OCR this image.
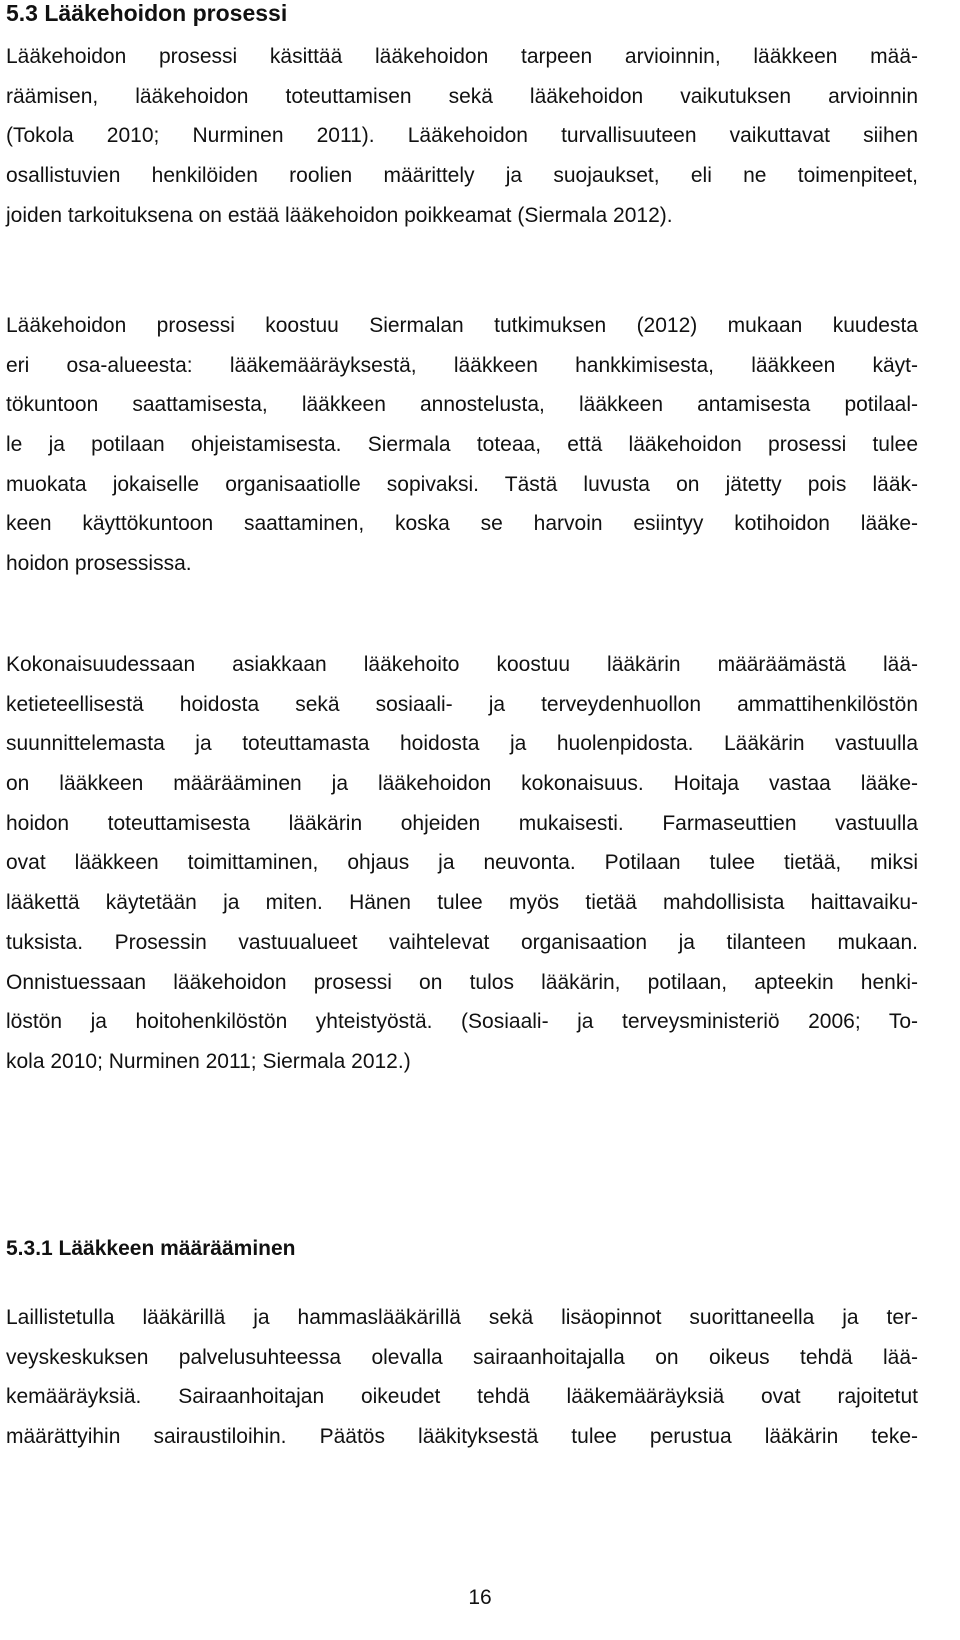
5.3 Lääkehoidon prosessi
Lääkehoidon prosessi käsittää lääkehoidon tarpeen arvioinnin, lääkkeen mää-
räämisen, lääkehoidon toteuttamisen sekä lääkehoidon vaikutuksen arvioinnin
(Tokola 2010; Nurminen 2011). Lääkehoidon turvallisuuteen vaikuttavat siihen
osallistuvien henkilöiden roolien määrittely ja suojaukset, eli ne toimenpiteet,
joiden tarkoituksena on estää lääkehoidon poikkeamat (Siermala 2012).
Lääkehoidon prosessi koostuu Siermalan tutkimuksen (2012) mukaan kuudesta
eri osa-alueesta: lääkemääräyksestä, lääkkeen hankkimisesta, lääkkeen käyt-
tökuntoon saattamisesta, lääkkeen annostelusta, lääkkeen antamisesta potilaal-
le ja potilaan ohjeistamisesta. Siermala toteaa, että lääkehoidon prosessi tulee
muokata jokaiselle organisaatiolle sopivaksi. Tästä luvusta on jätetty pois lääk-
keen käyttökuntoon saattaminen, koska se harvoin esiintyy kotihoidon lääke-
hoidon prosessissa.
Kokonaisuudessaan asiakkaan lääkehoito koostuu lääkärin määräämästä lää-
ketieteellisestä hoidosta sekä sosiaali- ja terveydenhuollon ammattihenkilöstön
suunnittelemasta ja toteuttamasta hoidosta ja huolenpidosta. Lääkärin vastuulla
on lääkkeen määrääminen ja lääkehoidon kokonaisuus. Hoitaja vastaa lääke-
hoidon toteuttamisesta lääkärin ohjeiden mukaisesti. Farmaseuttien vastuulla
ovat lääkkeen toimittaminen, ohjaus ja neuvonta. Potilaan tulee tietää, miksi
lääkettä käytetään ja miten. Hänen tulee myös tietää mahdollisista haittavaiku-
tuksista. Prosessin vastuualueet vaihtelevat organisaation ja tilanteen mukaan.
Onnistuessaan lääkehoidon prosessi on tulos lääkärin, potilaan, apteekin henki-
löstön ja hoitohenkilöstön yhteistyöstä. (Sosiaali- ja terveysministeriö 2006; To-
kola 2010; Nurminen 2011; Siermala 2012.)
5.3.1 Lääkkeen määrääminen
Laillistetulla lääkärillä ja hammaslääkärillä sekä lisäopinnot suorittaneella ja ter-
veyskeskuksen palvelusuhteessa olevalla sairaanhoitajalla on oikeus tehdä lää-
kemääräyksiä. Sairaanhoitajan oikeudet tehdä lääkemääräyksiä ovat rajoitetut
määrättyihin sairaustiloihin. Päätös lääkityksestä tulee perustua lääkärin teke-
16
